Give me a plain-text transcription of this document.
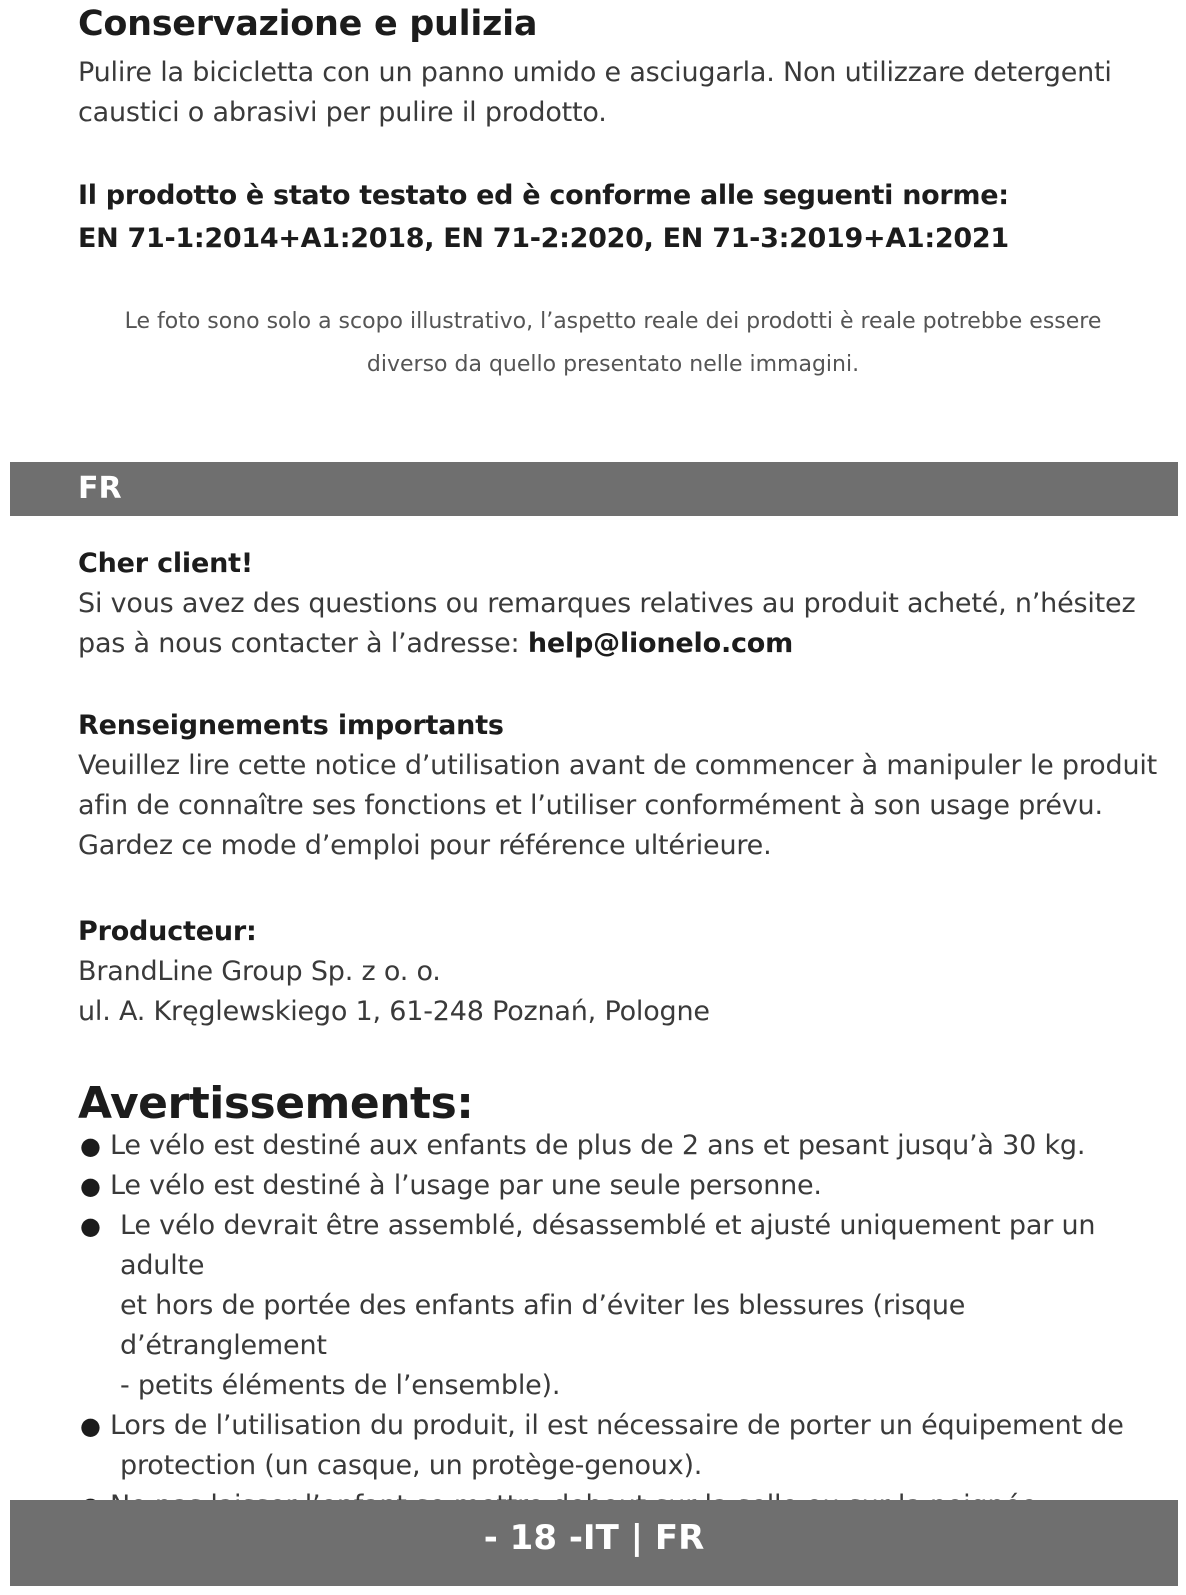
Conservazione e pulizia
Pulire la bicicletta con un panno umido e asciugarla. Non utilizzare detergenti
caustici o abrasivi per pulire il prodotto.
Il prodotto è stato testato ed è conforme alle seguenti norme:
EN 71-1:2014+A1:2018, EN 71-2:2020, EN 71-3:2019+A1:2021
Le foto sono solo a scopo illustrativo, l’aspetto reale dei prodotti è reale potrebbe essere
diverso da quello presentato nelle immagini.
FR
Cher client!
Si vous avez des questions ou remarques relatives au produit acheté, n’hésitez
pas à nous contacter à l’adresse: help@lionelo.com
Renseignements importants
Veuillez lire cette notice d’utilisation avant de commencer à manipuler le produit
afin de connaître ses fonctions et l’utiliser conformément à son usage prévu.
Gardez ce mode d’emploi pour référence ultérieure.
Producteur:
BrandLine Group Sp. z o. o.
ul. A. Kręglewskiego 1, 61-248 Poznań, Pologne
Avertissements:
● Le vélo est destiné aux enfants de plus de 2 ans et pesant jusqu’à 30 kg.
● Le vélo est destiné à l’usage par une seule personne.
● Le vélo devrait être assemblé, désassemblé et ajusté uniquement par un adulte
et hors de portée des enfants afin d’éviter les blessures (risque d’étranglement
- petits éléments de l’ensemble).
● Lors de l’utilisation du produit, il est nécessaire de porter un équipement de
protection (un casque, un protège-genoux).
- 18 -IT | FR
